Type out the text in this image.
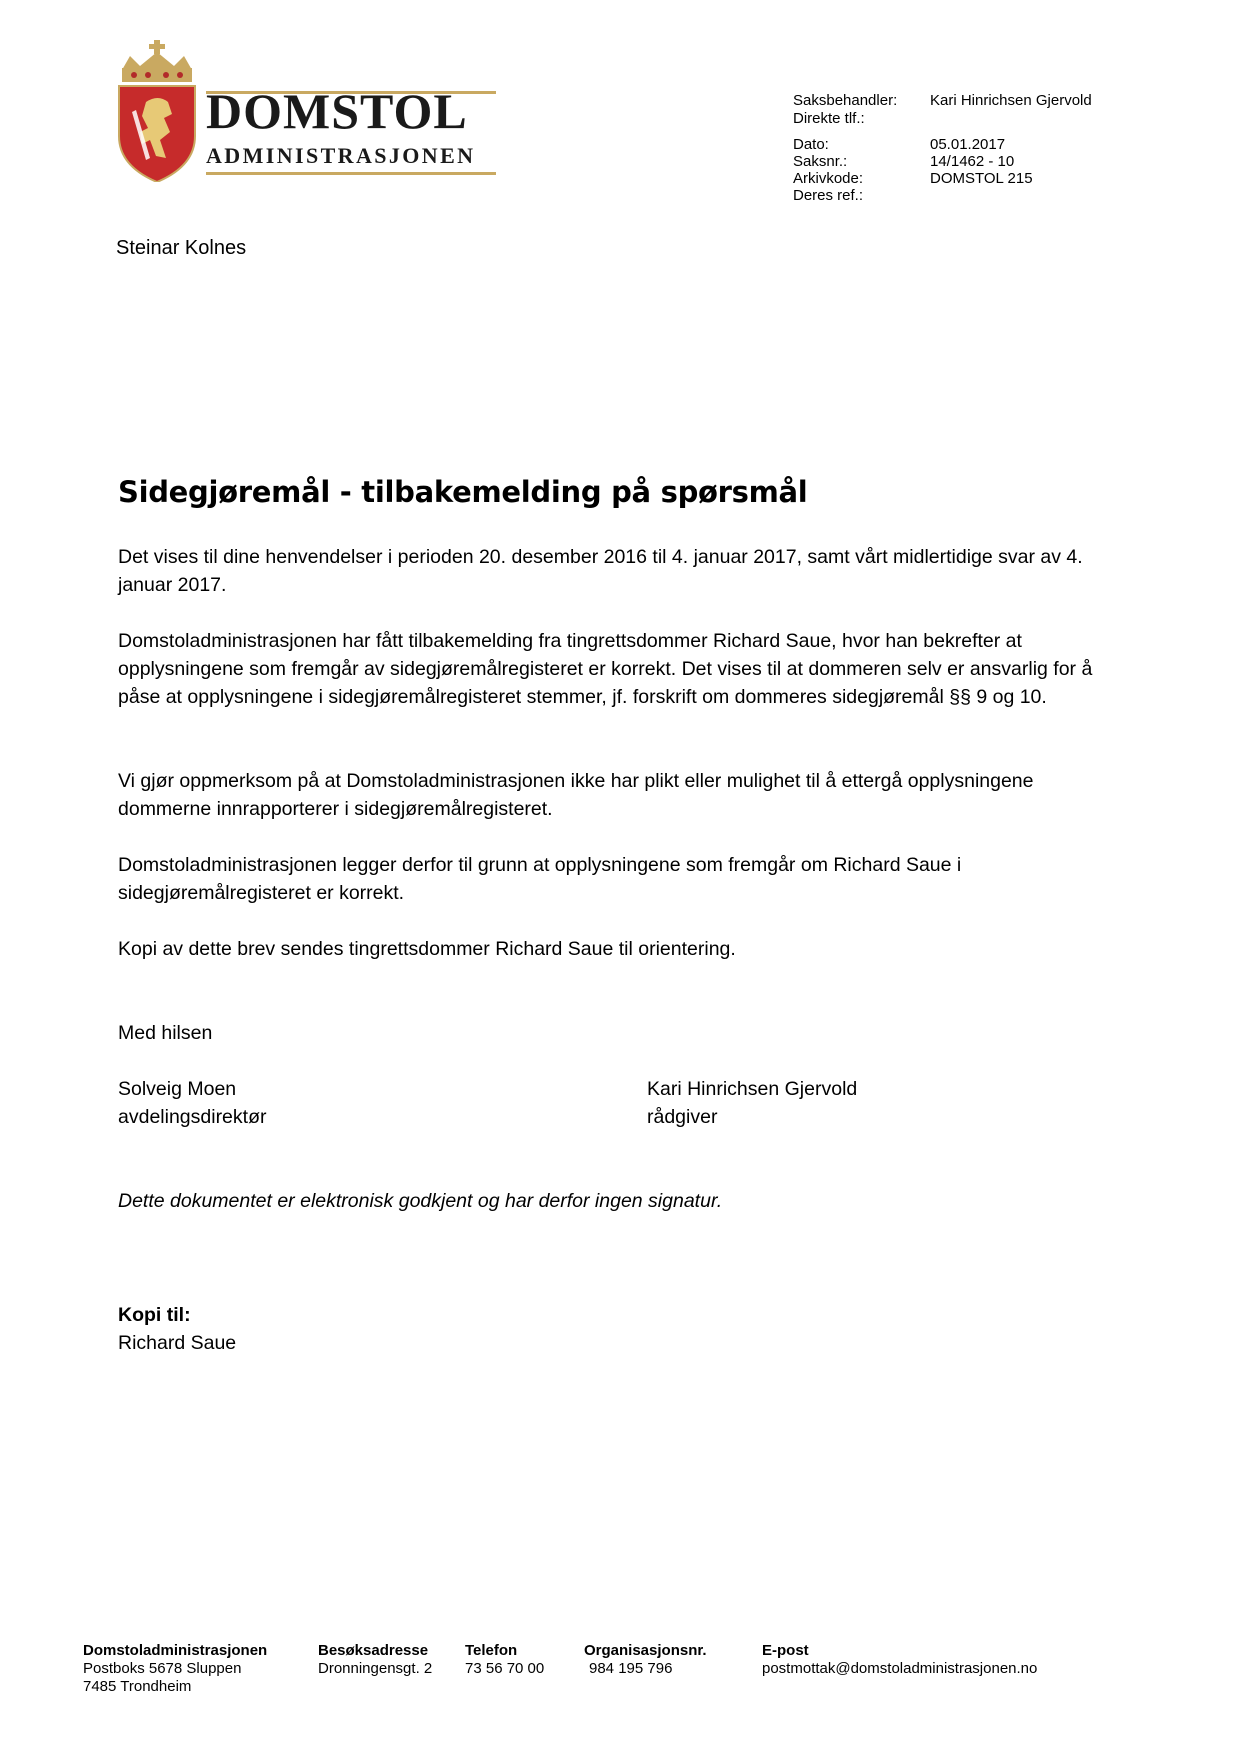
DOMSTOL
ADMINISTRASJONEN
Saksbehandler: Kari Hinrichsen Gjervold
Direkte tlf.:
Dato:	05.01.2017
Saksnr.:	14/1462 - 10
Arkivkode:	DOMSTOL 215
Deres ref.:
Steinar Kolnes
Sidegjøremål - tilbakemelding på spørsmål
Det vises til dine henvendelser i perioden 20. desember 2016 til 4. januar 2017, samt vårt midlertidige svar av 4. januar 2017.
Domstoladministrasjonen har fått tilbakemelding fra tingrettsdommer Richard Saue, hvor han bekrefter at opplysningene som fremgår av sidegjøremålregisteret er korrekt. Det vises til at dommeren selv er ansvarlig for å påse at opplysningene i sidegjøremålregisteret stemmer, jf. forskrift om dommeres sidegjøremål §§ 9 og 10.
Vi gjør oppmerksom på at Domstoladministrasjonen ikke har plikt eller mulighet til å ettergå opplysningene dommerne innrapporterer i sidegjøremålregisteret.
Domstoladministrasjonen legger derfor til grunn at opplysningene som fremgår om Richard Saue i sidegjøremålregisteret er korrekt.
Kopi av dette brev sendes tingrettsdommer Richard Saue til orientering.
Med hilsen
Solveig Moen
avdelingsdirektør
Kari Hinrichsen Gjervold
rådgiver
Dette dokumentet er elektronisk godkjent og har derfor ingen signatur.
Kopi til:
Richard Saue
Domstoladministrasjonen
Postboks 5678 Sluppen
7485 Trondheim
Besøksadresse
Dronningensgt. 2
Telefon
73 56 70 00
Organisasjonsnr.
984 195 796
E-post
postmottak@domstoladministrasjonen.no
